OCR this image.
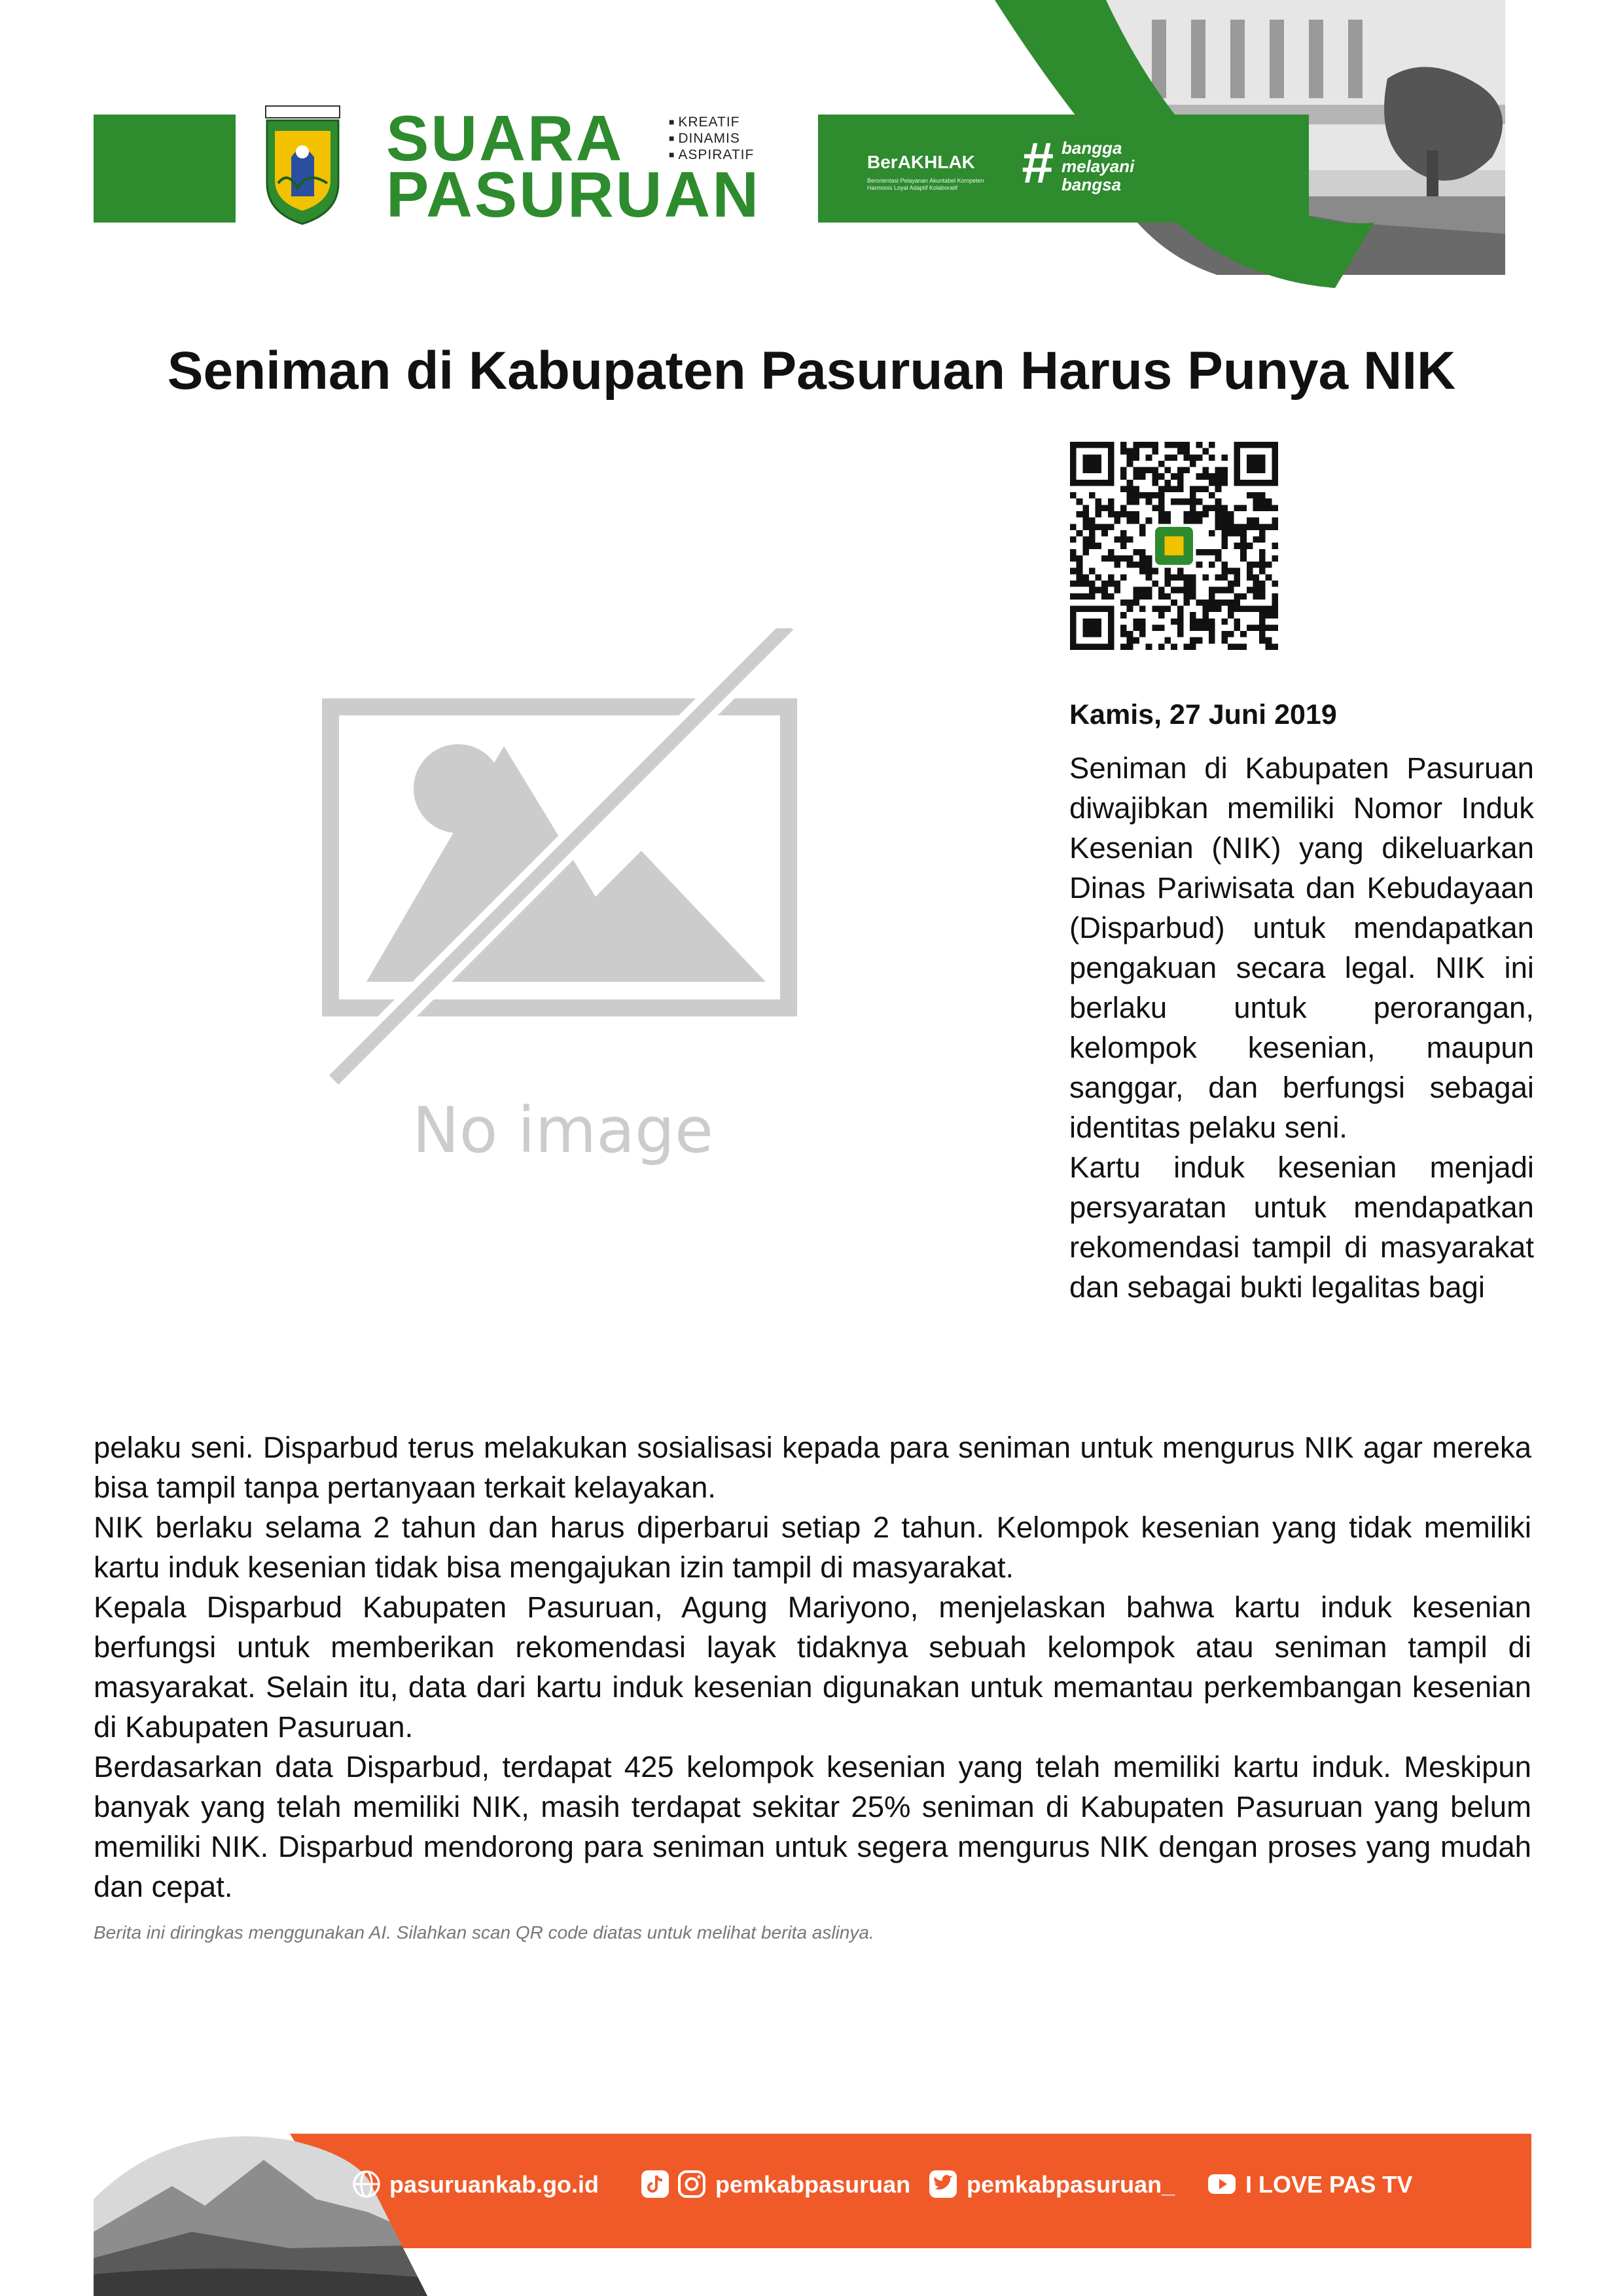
SUARA
PASURUAN
■ KREATIF
■ DINAMIS
■ ASPIRATIF	BerAKHLAK
Berorientasi Pelayanan Akuntabel Kompeten Harmonis Loyal Adaptif Kolaboratif	# bangga
melayani
bangsa
Seniman di Kabupaten Pasuruan Harus Punya NIK
No image
Kamis, 27 Juni 2019

Seniman di Kabupaten Pasuruan diwajibkan memiliki Nomor Induk Kesenian (NIK) yang dikeluarkan Dinas Pariwisata dan Kebudayaan (Disparbud) untuk mendapatkan pengakuan secara legal. NIK ini berlaku untuk perorangan, kelompok kesenian, maupun sanggar, dan berfungsi sebagai identitas pelaku seni.

Kartu induk kesenian menjadi persyaratan untuk mendapatkan rekomendasi tampil di masyarakat dan sebagai bukti legalitas bagi

pelaku seni. Disparbud terus melakukan sosialisasi kepada para seniman untuk mengurus NIK agar mereka bisa tampil tanpa pertanyaan terkait kelayakan.

NIK berlaku selama 2 tahun dan harus diperbarui setiap 2 tahun. Kelompok kesenian yang tidak memiliki kartu induk kesenian tidak bisa mengajukan izin tampil di masyarakat.

Kepala Disparbud Kabupaten Pasuruan, Agung Mariyono, menjelaskan bahwa kartu induk kesenian berfungsi untuk memberikan rekomendasi layak tidaknya sebuah kelompok atau seniman tampil di masyarakat. Selain itu, data dari kartu induk kesenian digunakan untuk memantau perkembangan kesenian di Kabupaten Pasuruan.

Berdasarkan data Disparbud, terdapat 425 kelompok kesenian yang telah memiliki kartu induk. Meskipun banyak yang telah memiliki NIK, masih terdapat sekitar 25% seniman di Kabupaten Pasuruan yang belum memiliki NIK. Disparbud mendorong para seniman untuk segera mengurus NIK dengan proses yang mudah dan cepat.

Berita ini diringkas menggunakan AI. Silahkan scan QR code diatas untuk melihat berita aslinya.
pasuruankab.go.id	pemkabpasuruan pemkabpasuruan_	I LOVE PAS TV
